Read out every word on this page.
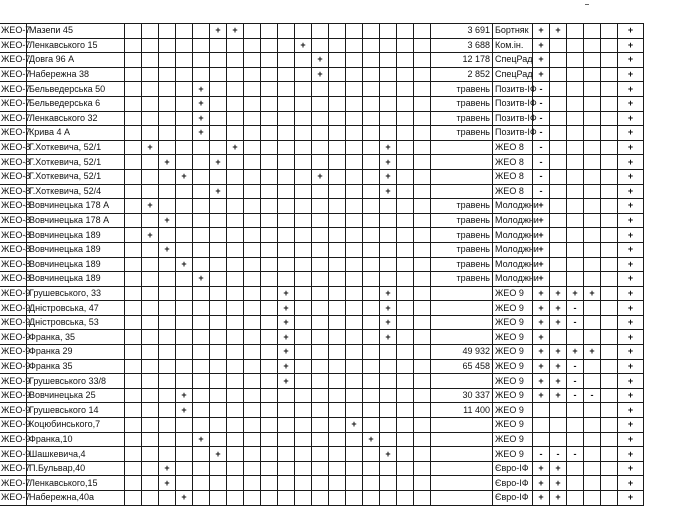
ЖЕО-7	Мазепи 45						+	+												3 691	Бортняк	+	+				+
ЖЕО-7	Ленкавського 15											+								3 688	Ком.ін.	+					+
ЖЕО-7	Довга 96 А												+							12 178	СпецРад	+					+
ЖЕО-7	Набережна 38												+							2 852	СпецРад	+					+
ЖЕО-7	Бельведерська 50					+														травень	Позитв-ІФ	-					+
ЖЕО-7	Бельведерська 6					+														травень	Позитв-ІФ	-					+
ЖЕО-7	Ленкавського 32					+														травень	Позитв-ІФ	-					+
ЖЕО-7	Крива 4 А					+														травень	Позитв-ІФ	-					+
ЖЕО-8	Г.Хоткевича, 52/1		+					+									+				ЖЕО 8	-					+
ЖЕО-8	Г.Хоткевича, 52/1			+			+										+				ЖЕО 8	-					+
ЖЕО-8	Г.Хоткевича, 52/1				+								+				+				ЖЕО 8	-					+
ЖЕО-8	Г.Хоткевича, 52/4						+										+				ЖЕО 8	-					+
ЖЕО-8	Вовчинецька 178 А		+																	травень	Молоджни	+					+
ЖЕО-8	Вовчинецька 178 А			+																травень	Молоджни	+					+
ЖЕО-8	Вовчинецька 189		+																	травень	Молоджни	+					+
ЖЕО-8	Вовчинецька 189			+																травень	Молоджни	+					+
ЖЕО-8	Вовчинецька 189				+															травень	Молоджни	+					+
ЖЕО-8	Вовчинецька 189					+														травень	Молоджни	+					+
ЖЕО-9	Грушевського, 33										+						+				ЖЕО 9	+	+	+	+		+
ЖЕО-9	Дністровська, 47										+						+				ЖЕО 9	+	+	-			+
ЖЕО-9	Дністровська, 53										+						+				ЖЕО 9	+	+	-			+
ЖЕО-9	Франка, 35										+						+				ЖЕО 9	+					+
ЖЕО-9	Франка 29										+									49 932	ЖЕО 9	+	+	+	+		+
ЖЕО-9	Франка 35										+									65 458	ЖЕО 9	+	+	-			+
ЖЕО-9	Грушевського 33/8										+										ЖЕО 9	+	+	-			+
ЖЕО-9	Вовчинецька 25				+															30 337	ЖЕО 9	+	+	-	-		+
ЖЕО-9	Грушевського 14				+															11 400	ЖЕО 9						+
ЖЕО-9	Коцюбинського,7														+						ЖЕО 9						+
ЖЕО-9	Франка,10					+										+					ЖЕО 9						+
ЖЕО-9	Шашкевича,4						+										+				ЖЕО 9	-	-	-			+
ЖЕО-7	П.Бульвар,40			+																	Євро-ІФ	+	+				+
ЖЕО-7	Ленкавського,15			+																	Євро-ІФ	+	+				+
ЖЕО-7	Набережна,40а				+																Євро-ІФ	+	+				+
